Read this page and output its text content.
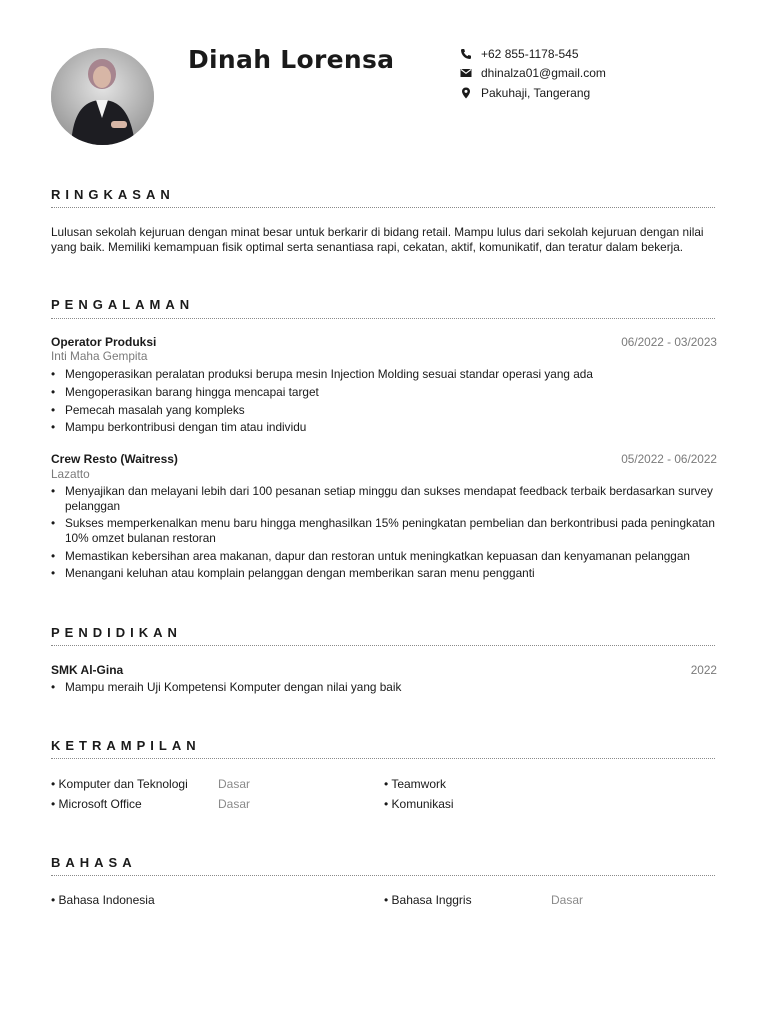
Dinah Lorensa	+62 855-1178-545
dhinalza01@gmail.com
Pakuhaji, Tangerang
RINGKASAN
Lulusan sekolah kejuruan dengan minat besar untuk berkarir di bidang retail. Mampu lulus dari sekolah kejuruan dengan nilai yang baik. Memiliki kemampuan fisik optimal serta senantiasa rapi, cekatan, aktif, komunikatif, dan teratur dalam bekerja.
PENGALAMAN
Operator Produksi	06/2022 - 03/2023
Inti Maha Gempita
• Mengoperasikan peralatan produksi berupa mesin Injection Molding sesuai standar operasi yang ada
• Mengoperasikan barang hingga mencapai target
• Pemecah masalah yang kompleks
• Mampu berkontribusi dengan tim atau individu
Crew Resto (Waitress)	05/2022 - 06/2022
Lazatto
• Menyajikan dan melayani lebih dari 100 pesanan setiap minggu dan sukses mendapat feedback terbaik berdasarkan survey pelanggan
• Sukses memperkenalkan menu baru hingga menghasilkan 15% peningkatan pembelian dan berkontribusi pada peningkatan 10% omzet bulanan restoran
• Memastikan kebersihan area makanan, dapur dan restoran untuk meningkatkan kepuasan dan kenyamanan pelanggan
• Menangani keluhan atau komplain pelanggan dengan memberikan saran menu pengganti
PENDIDIKAN
SMK Al-Gina	2022
• Mampu meraih Uji Kompetensi Komputer dengan nilai yang baik
KETRAMPILAN
• Komputer dan Teknologi	Dasar	• Teamwork
• Microsoft Office	Dasar	• Komunikasi
BAHASA
• Bahasa Indonesia	• Bahasa Inggris	Dasar
